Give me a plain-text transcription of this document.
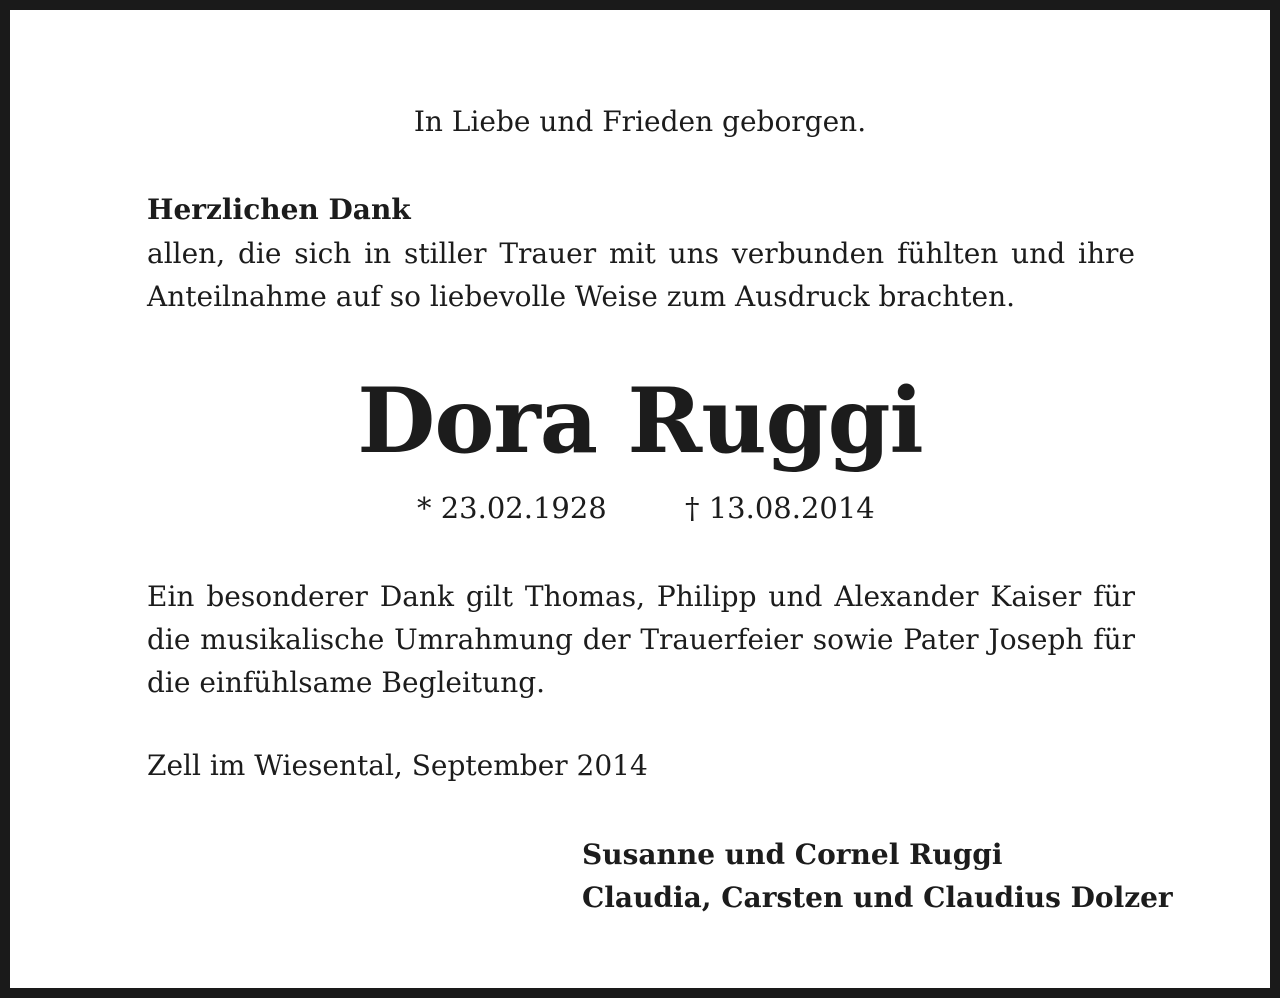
In Liebe und Frieden geborgen.

Herzlichen Dank

allen, die sich in stiller Trauer mit uns verbunden fühlten und ihre Anteilnahme auf so liebevolle Weise zum Ausdruck brachten.

Dora Ruggi

* 23.02.1928	† 13.08.2014

Ein besonderer Dank gilt Thomas, Philipp und Alexander Kaiser für die musikalische Umrahmung der Trauerfeier sowie Pater Joseph für die einfühlsame Begleitung.

Zell im Wiesental, September 2014

Susanne und Cornel Ruggi
Claudia, Carsten und Claudius Dolzer
